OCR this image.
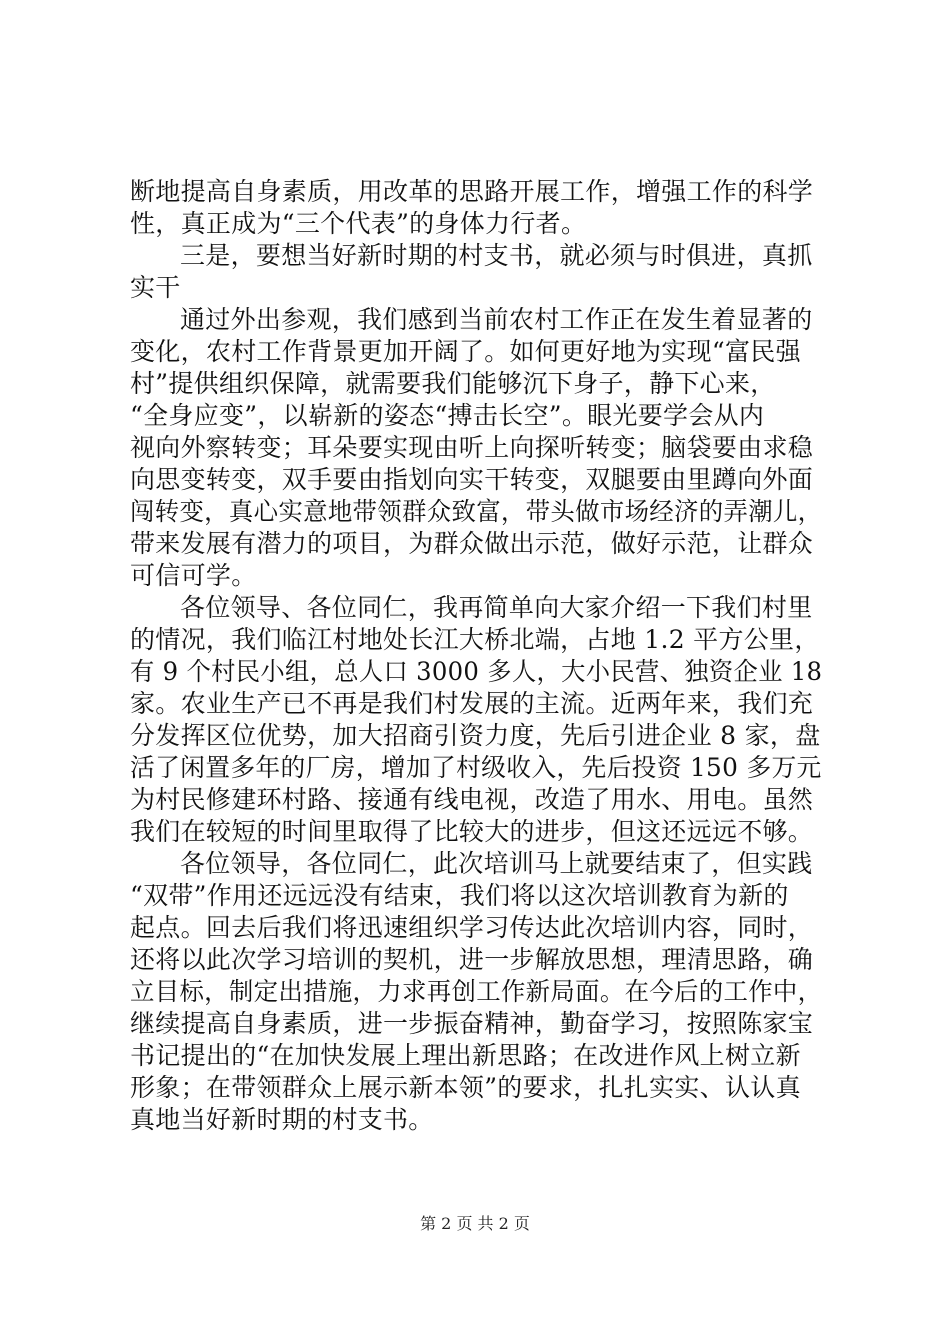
断地提高自身素质，用改革的思路开展工作，增强工作的科学
性，真正成为“三个代表”的身体力行者。
三是，要想当好新时期的村支书，就必须与时俱进，真抓
实干
通过外出参观，我们感到当前农村工作正在发生着显著的
变化，农村工作背景更加开阔了。如何更好地为实现“富民强
村”提供组织保障，就需要我们能够沉下身子，静下心来，
“全身应变”，以崭新的姿态“搏击长空”。眼光要学会从内
视向外察转变；耳朵要实现由听上向探听转变；脑袋要由求稳
向思变转变，双手要由指划向实干转变，双腿要由里蹲向外面
闯转变，真心实意地带领群众致富，带头做市场经济的弄潮儿，
带来发展有潜力的项目，为群众做出示范，做好示范，让群众
可信可学。
各位领导、各位同仁，我再简单向大家介绍一下我们村里
的情况，我们临江村地处长江大桥北端，占地 1.2 平方公里，
有 9 个村民小组，总人口 3000 多人，大小民营、独资企业 18
家。农业生产已不再是我们村发展的主流。近两年来，我们充
分发挥区位优势，加大招商引资力度，先后引进企业 8 家，盘
活了闲置多年的厂房，增加了村级收入，先后投资 150 多万元
为村民修建环村路、接通有线电视，改造了用水、用电。虽然
我们在较短的时间里取得了比较大的进步，但这还远远不够。
各位领导，各位同仁，此次培训马上就要结束了，但实践
“双带”作用还远远没有结束，我们将以这次培训教育为新的
起点。回去后我们将迅速组织学习传达此次培训内容，同时，
还将以此次学习培训的契机，进一步解放思想，理清思路，确
立目标，制定出措施，力求再创工作新局面。在今后的工作中，
继续提高自身素质，进一步振奋精神，勤奋学习，按照陈家宝
书记提出的“在加快发展上理出新思路；在改进作风上树立新
形象；在带领群众上展示新本领”的要求，扎扎实实、认认真
真地当好新时期的村支书。
第 2 页 共 2 页
